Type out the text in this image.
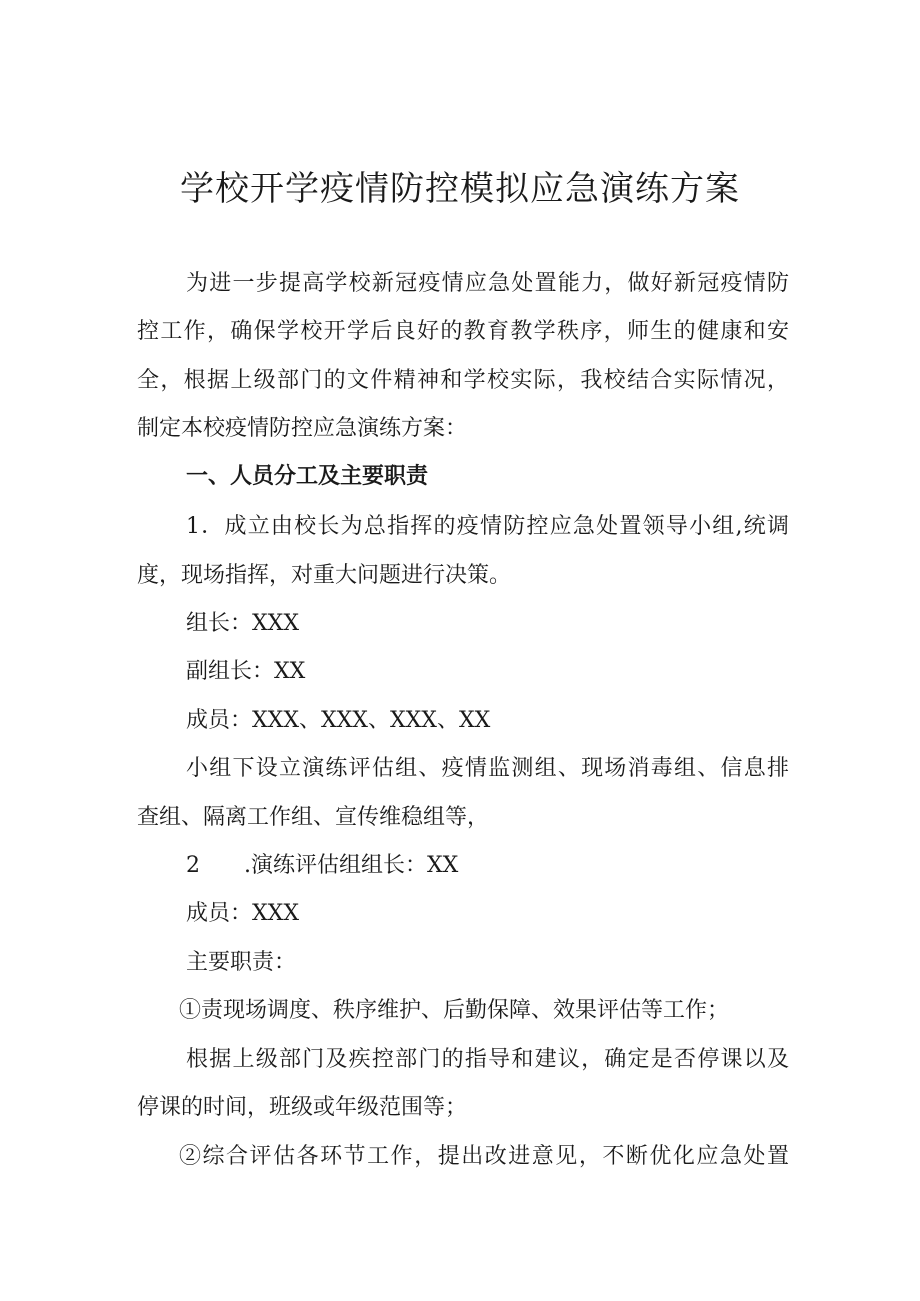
学校开学疫情防控模拟应急演练方案
为进一步提高学校新冠疫情应急处置能力，做好新冠疫情防
控工作，确保学校开学后良好的教育教学秩序，师生的健康和安
全，根据上级部门的文件精神和学校实际，我校结合实际情况，
制定本校疫情防控应急演练方案：
一、人员分工及主要职责
1．成立由校长为总指挥的疫情防控应急处置领导小组,统调
度，现场指挥，对重大问题进行决策。
组长：XXX
副组长：XX
成员：XXX、XXX、XXX、XX
小组下设立演练评估组、疫情监测组、现场消毒组、信息排
查组、隔离工作组、宣传维稳组等，
2 .演练评估组组长：XX
成员：XXX
主要职责：
①责现场调度、秩序维护、后勤保障、效果评估等工作；
根据上级部门及疾控部门的指导和建议，确定是否停课以及
停课的时间，班级或年级范围等；
②综合评估各环节工作，提出改进意见，不断优化应急处置
